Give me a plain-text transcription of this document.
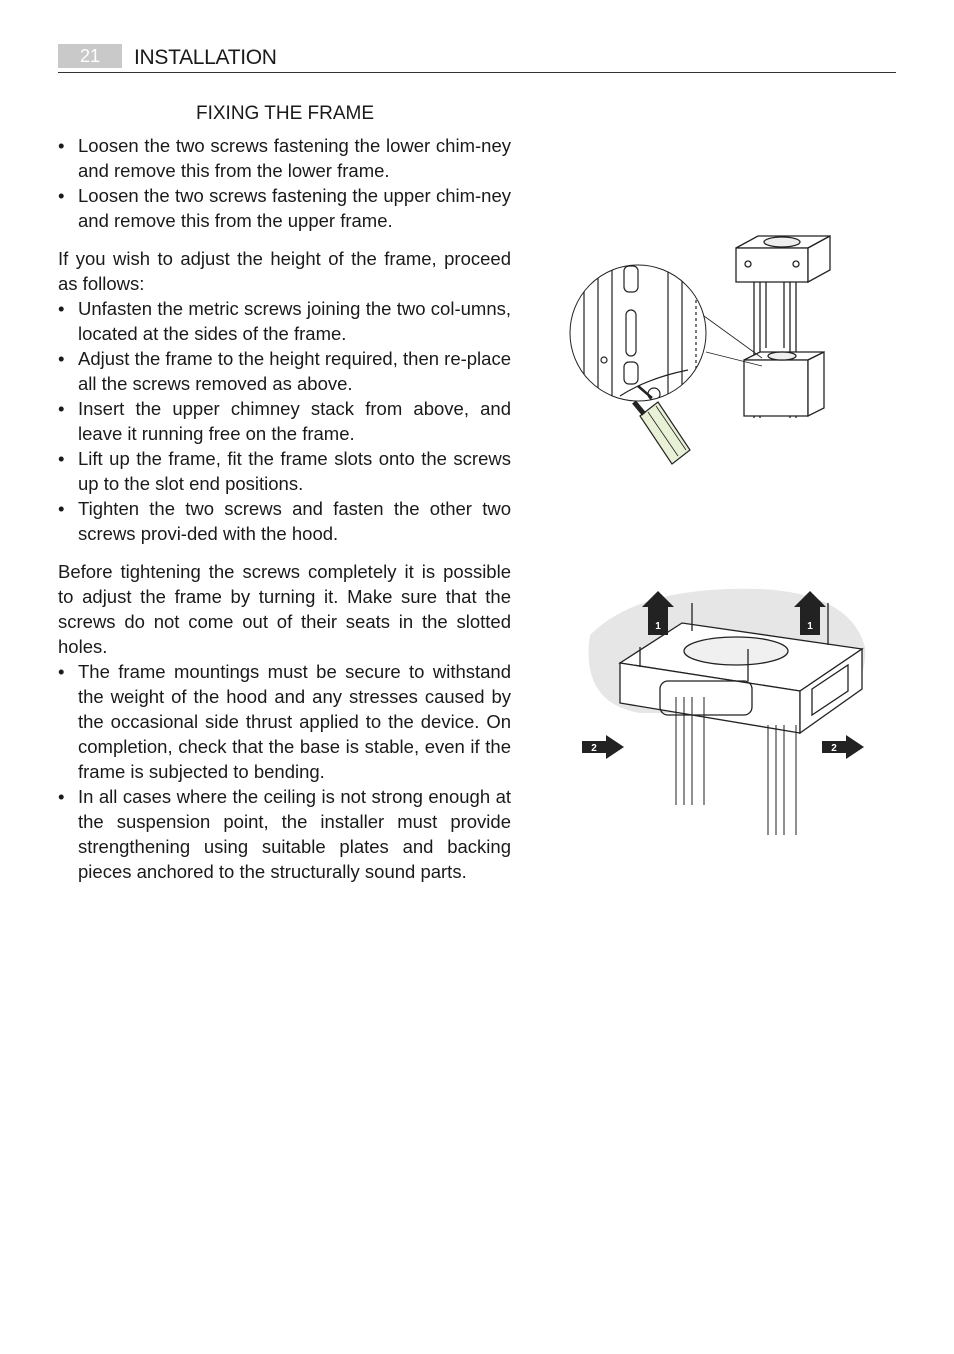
21	INSTALLATION
FIXING THE FRAME
• Loosen the two screws fastening the lower chim-ney and remove this from the lower frame.
• Loosen the two screws fastening the upper chim-ney and remove this from the upper frame.

If you wish to adjust the height of the frame, proceed as follows:

• Unfasten the metric screws joining the two col-umns, located at the sides of the frame.
• Adjust the frame to the height required, then re-place all the screws removed as above.
• Insert the upper chimney stack from above, and leave it running free on the frame.
• Lift up the frame, fit the frame slots onto the screws up to the slot end positions.
• Tighten the two screws and fasten the other two screws provi-ded with the hood.

Before tightening the screws completely it is possible to adjust the frame by turning it. Make sure that the screws do not come out of their seats in the slotted holes.

• The frame mountings must be secure to withstand the weight of the hood and any stresses caused by the occasional side thrust applied to the device. On completion, check that the base is stable, even if the frame is subjected to bending.
• In all cases where the ceiling is not strong enough at the suspension point, the installer must provide strengthening using suitable plates and backing pieces anchored to the structurally sound parts.
1	1
2	2
